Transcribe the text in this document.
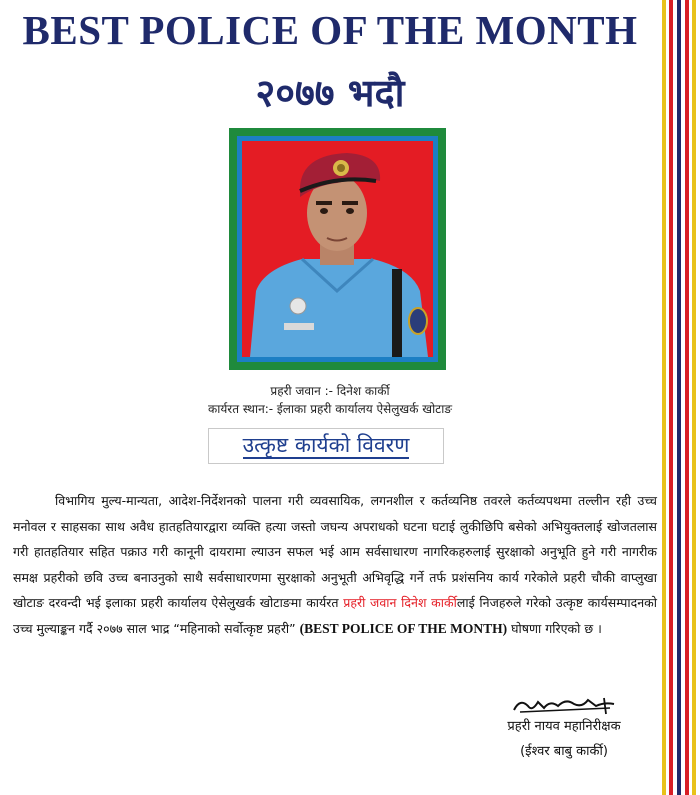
BEST POLICE OF THE MONTH
२०७७ भदौ
प्रहरी जवान :- दिनेश कार्की
कार्यरत स्थान:- ईलाका प्रहरी कार्यालय ऐसेलुखर्क खोटाङ
उत्कृष्ट कार्यको विवरण
विभागिय मुल्य-मान्यता, आदेश-निर्देशनको पालना गरी व्यवसायिक, लगनशील र कर्तव्यनिष्ठ तवरले कर्तव्यपथमा तल्लीन रही उच्च मनोवल र साहसका साथ अवैध हातहतियारद्वारा व्यक्ति हत्या जस्तो जघन्य अपराधको घटना घटाई लुकीछिपि बसेको अभियुक्तलाई खोजतलास गरी हातहतियार सहित पक्राउ गरी कानूनी दायरामा ल्याउन सफल भई आम सर्वसाधारण नागरिकहरुलाई सुरक्षाको अनुभूति हुने गरी नागरीक समक्ष प्रहरीको छवि उच्च बनाउनुको साथै सर्वसाधारणमा सुरक्षाको अनुभूती अभिवृद्धि गर्ने तर्फ प्रशंसनिय कार्य गरेकोले प्रहरी चौकी वाप्लुखा खोटाङ दरवन्दी भई इलाका प्रहरी कार्यालय ऐसेलुखर्क खोटाङमा कार्यरत प्रहरी जवान दिनेश कार्कीलाई निजहरुले गरेको उत्कृष्ट कार्यसम्पादनको उच्च मुल्याङ्कन गर्दै २०७७ साल भाद्र “महिनाको सर्वोत्कृष्ट प्रहरी” (BEST POLICE OF THE MONTH) घोषणा गरिएको छ ।
प्रहरी नायव महानिरीक्षक
(ईश्वर बाबु कार्की)
